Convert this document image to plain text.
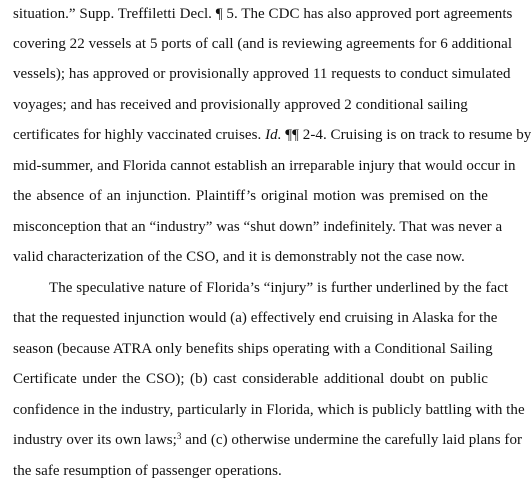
situation.” Supp. Treffiletti Decl. ¶ 5. The CDC has also approved port agreements
covering 22 vessels at 5 ports of call (and is reviewing agreements for 6 additional
vessels); has approved or provisionally approved 11 requests to conduct simulated
voyages; and has received and provisionally approved 2 conditional sailing
certificates for highly vaccinated cruises. Id. ¶¶ 2-4. Cruising is on track to resume by
mid-summer, and Florida cannot establish an irreparable injury that would occur in
the absence of an injunction. Plaintiff’s original motion was premised on the
misconception that an “industry” was “shut down” indefinitely. That was never a
valid characterization of the CSO, and it is demonstrably not the case now.
The speculative nature of Florida’s “injury” is further underlined by the fact
that the requested injunction would (a) effectively end cruising in Alaska for the
season (because ATRA only benefits ships operating with a Conditional Sailing
Certificate under the CSO); (b) cast considerable additional doubt on public
confidence in the industry, particularly in Florida, which is publicly battling with the
industry over its own laws;$^3$ and (c) otherwise undermine the carefully laid plans for
the safe resumption of passenger operations.
